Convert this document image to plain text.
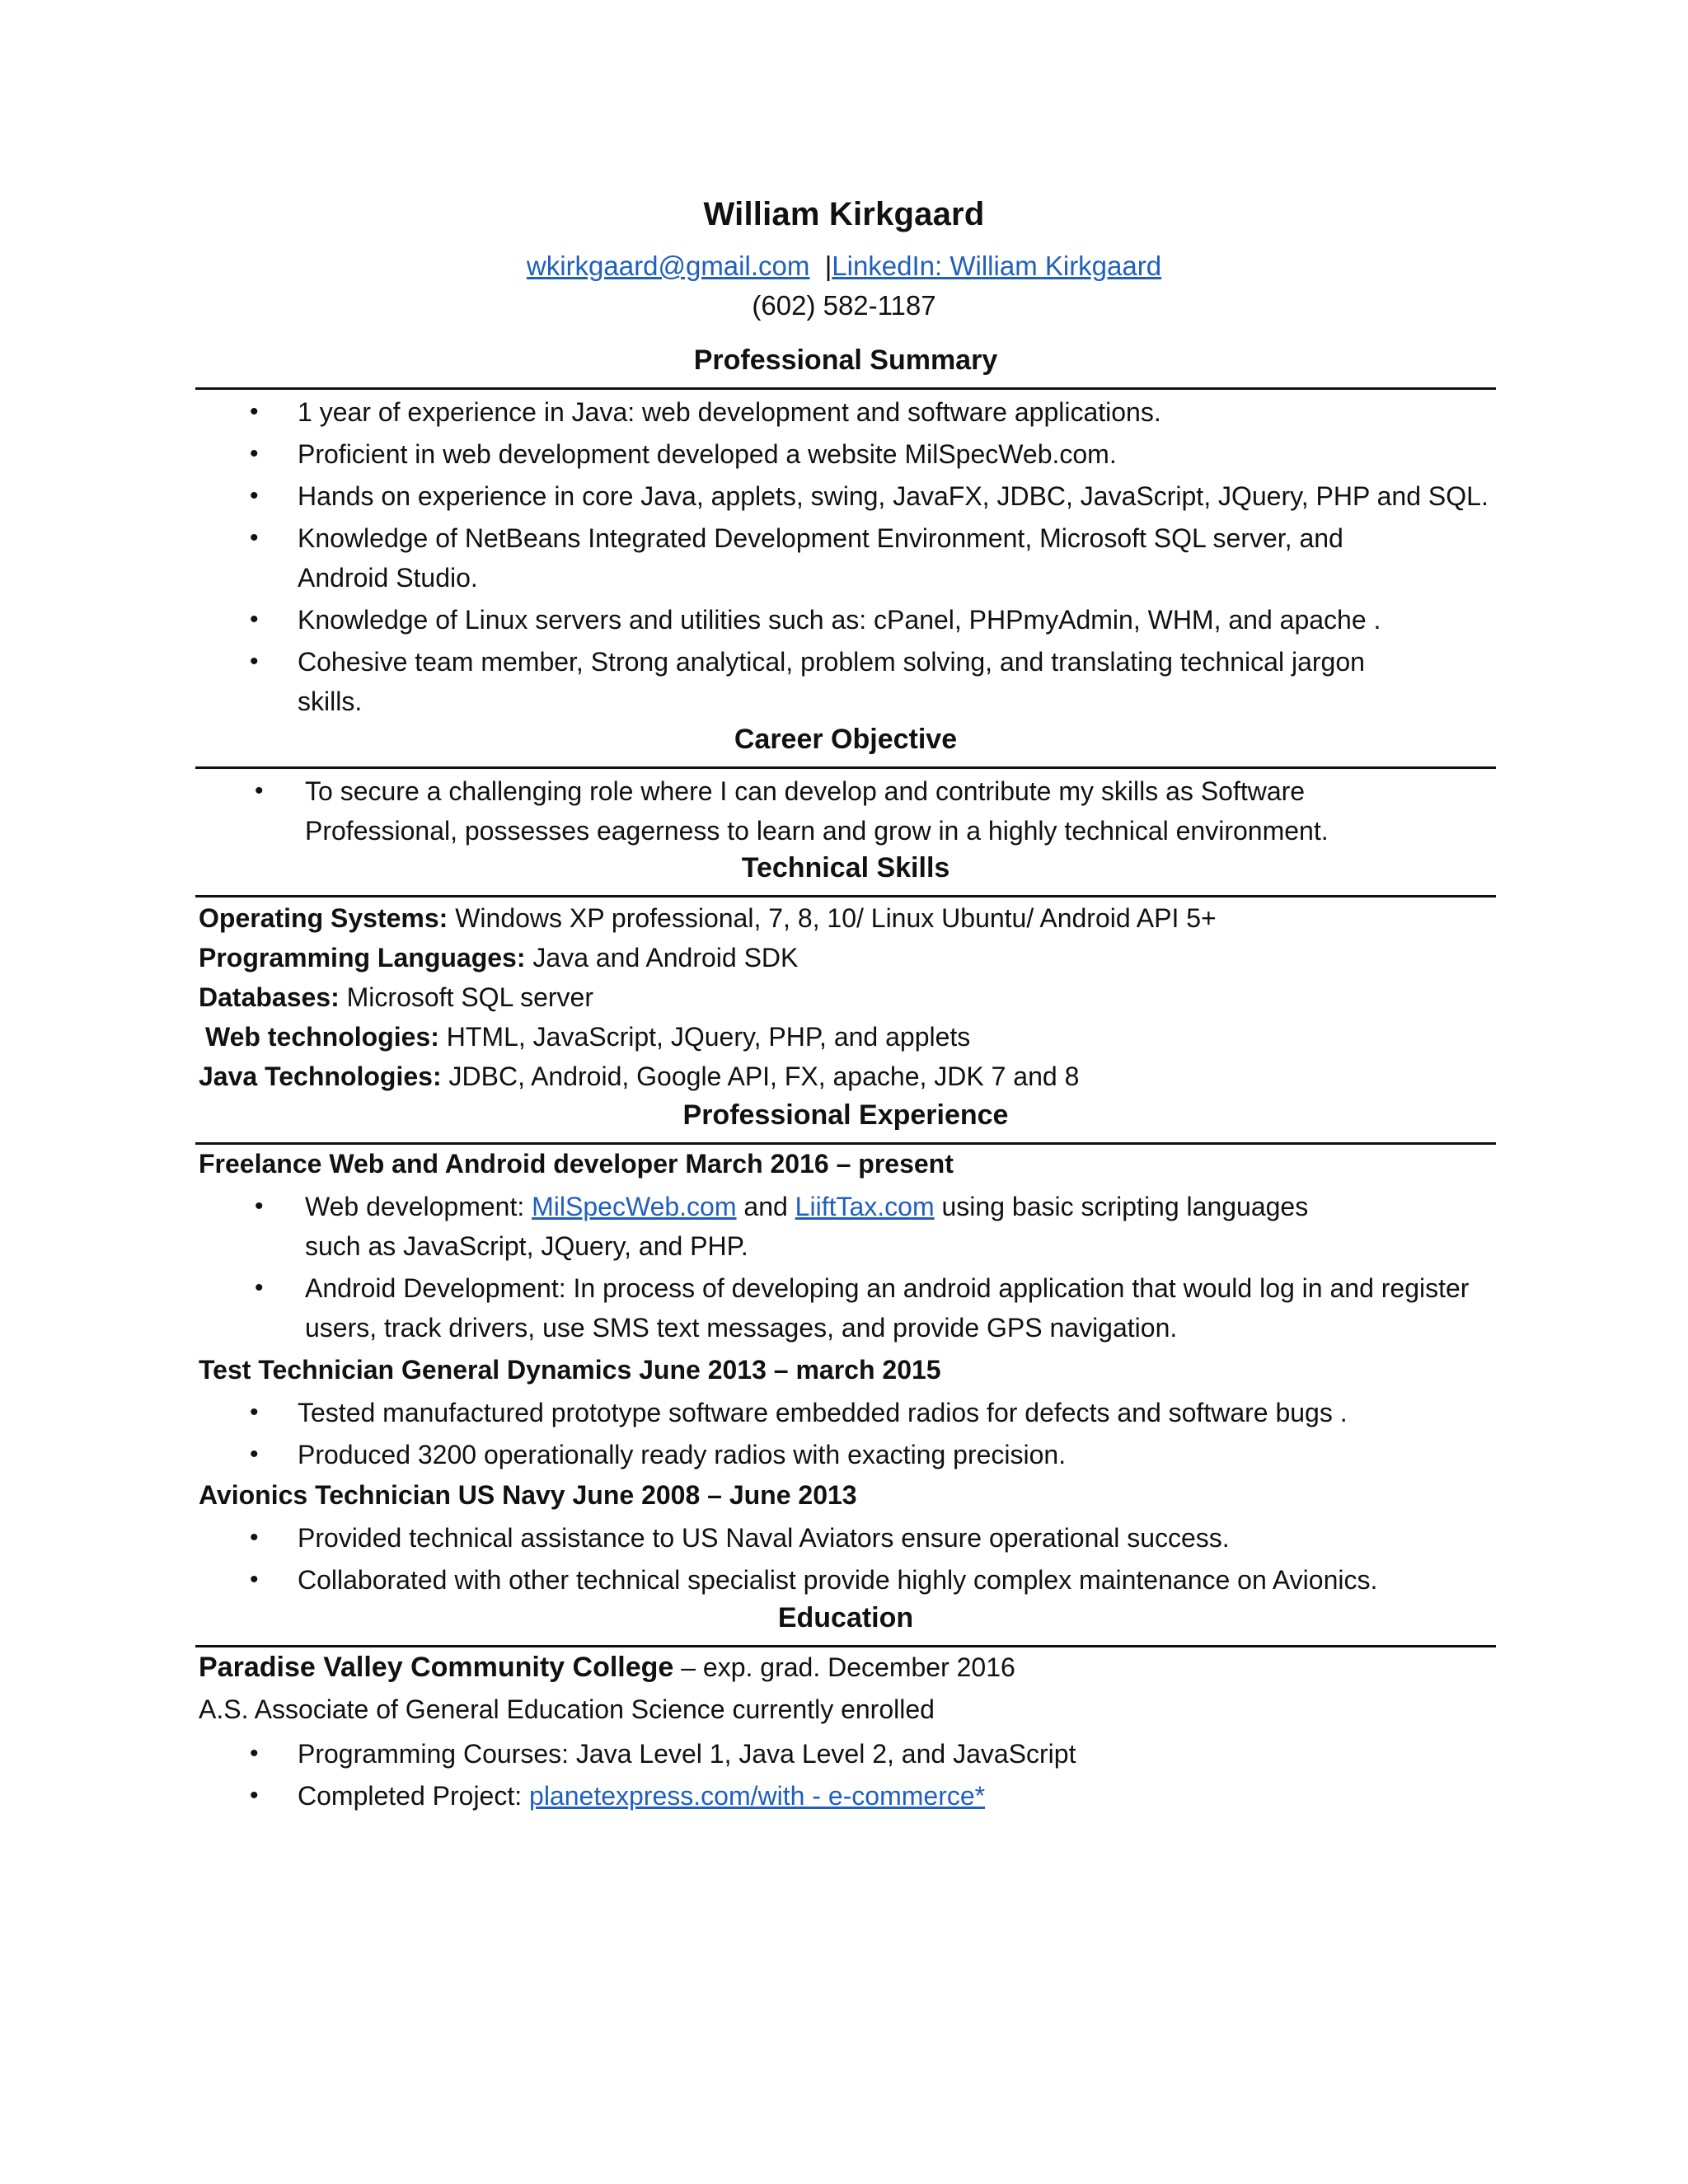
William Kirkgaard
wkirkgaard@gmail.com |LinkedIn: William Kirkgaard
(602) 582-1187
Professional Summary
• 1 year of experience in Java: web development and software applications.
• Proficient in web development developed a website MilSpecWeb.com.
• Hands on experience in core Java, applets, swing, JavaFX, JDBC, JavaScript, JQuery, PHP and SQL.
• Knowledge of NetBeans Integrated Development Environment, Microsoft SQL server, and Android Studio.
• Knowledge of Linux servers and utilities such as: cPanel, PHPmyAdmin, WHM, and apache .
• Cohesive team member, Strong analytical, problem solving, and translating technical jargon skills.
Career Objective
• To secure a challenging role where I can develop and contribute my skills as Software Professional, possesses eagerness to learn and grow in a highly technical environment.
Technical Skills
Operating Systems: Windows XP professional, 7, 8, 10/ Linux Ubuntu/ Android API 5+
Programming Languages: Java and Android SDK
Databases: Microsoft SQL server
Web technologies: HTML, JavaScript, JQuery, PHP, and applets
Java Technologies: JDBC, Android, Google API, FX, apache, JDK 7 and 8
Professional Experience
Freelance Web and Android developer March 2016 – present
• Web development: MilSpecWeb.com and LiiftTax.com using basic scripting languages such as JavaScript, JQuery, and PHP.
• Android Development: In process of developing an android application that would log in and register users, track drivers, use SMS text messages, and provide GPS navigation.
Test Technician General Dynamics June 2013 – march 2015
• Tested manufactured prototype software embedded radios for defects and software bugs .
• Produced 3200 operationally ready radios with exacting precision.
Avionics Technician US Navy June 2008 – June 2013
• Provided technical assistance to US Naval Aviators ensure operational success.
• Collaborated with other technical specialist provide highly complex maintenance on Avionics.
Education
Paradise Valley Community College – exp. grad. December 2016
A.S. Associate of General Education Science currently enrolled
• Programming Courses: Java Level 1, Java Level 2, and JavaScript
• Completed Project: planetexpress.com/with - e-commerce*
